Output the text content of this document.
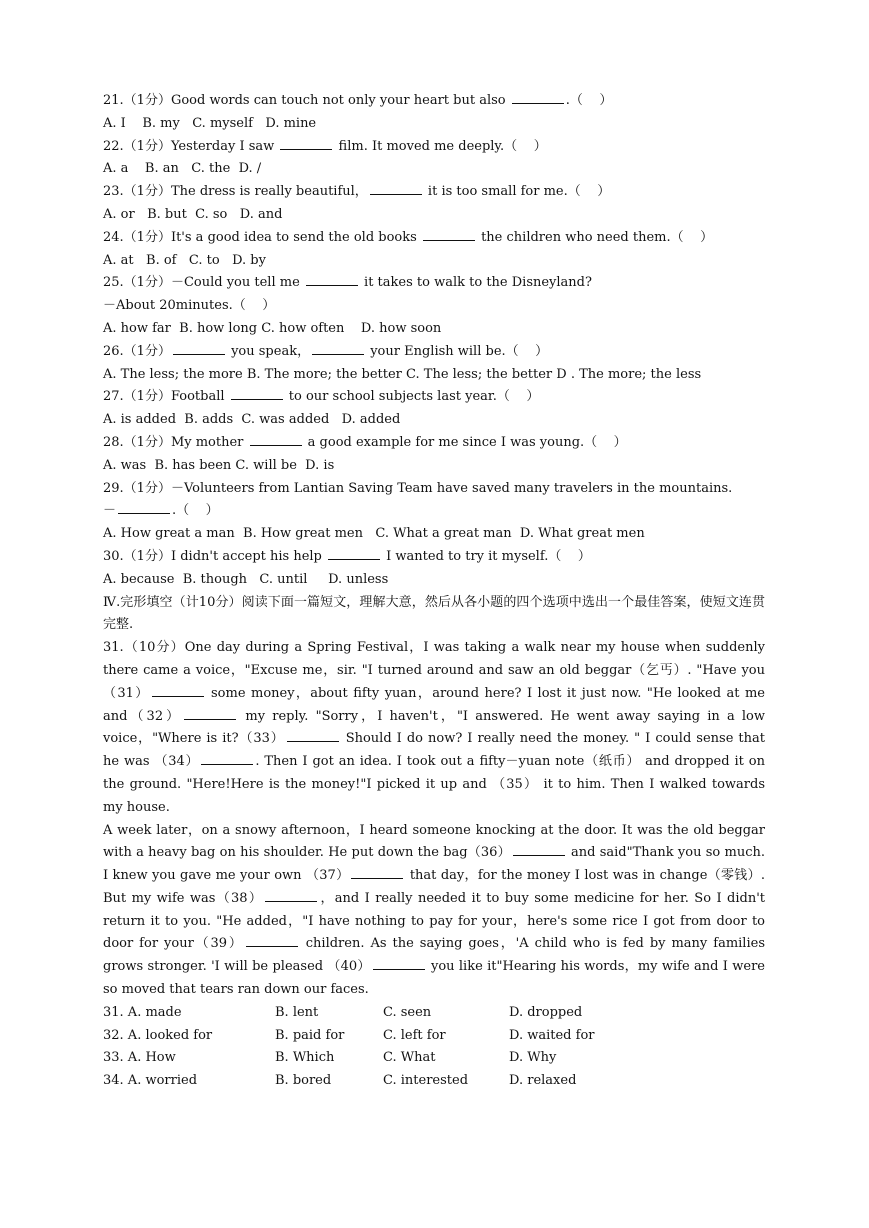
21.（1分）Good words can touch not only your heart but also	.（    ）
A. I    B. my   C. myself   D. mine
22.（1分）Yesterday I saw	film. It moved me deeply.（    ）
A. a    B. an   C. the  D. /
23.（1分）The dress is really beautiful，	it is too small for me.（    ）
A. or   B. but  C. so   D. and
24.（1分）It's a good idea to send the old books	the children who need them.（    ）
A. at   B. of   C. to   D. by
25.（1分）－Could you tell me	it takes to walk to the Disneyland?
－About 20minutes.（    ）
A. how far  B. how long C. how often    D. how soon
26.（1分）	you speak，	your English will be.（    ）
A. The less; the more B. The more; the better C. The less; the better D . The more; the less
27.（1分）Football	to our school subjects last year.（    ）
A. is added  B. adds  C. was added   D. added
28.（1分）My mother	a good example for me since I was young.（    ）
A. was  B. has been C. will be  D. is
29.（1分）－Volunteers from Lantian Saving Team have saved many travelers in the mountains.
－	.（    ）
A. How great a man  B. How great men   C. What a great man  D. What great men
30.（1分）I didn't accept his help	I wanted to try it myself.（    ）
A. because  B. though   C. until     D. unless
Ⅳ.完形填空（计10分）阅读下面一篇短文，理解大意，然后从各小题的四个选项中选出一个最佳答案，使短文连贯完整.
31.（10分）One day during a Spring Festival，I was taking a walk near my house when suddenly there came a voice，"Excuse me，sir. "I turned around and saw an old beggar（乞丐）. "Have you（31）	some money，about fifty yuan，around here? I lost it just now. "He looked at me and（32）	my reply. "Sorry，I haven't，"I answered. He went away saying in a low voice，"Where is it?（33）	Should I do now? I really need the money. " I could sense that he was （34）	. Then I got an idea. I took out a fifty－yuan note（纸币） and dropped it on the ground. "Here!Here is the money!"I picked it up and （35） it to him. Then I walked towards my house.
A week later，on a snowy afternoon，I heard someone knocking at the door. It was the old beggar with a heavy bag on his shoulder. He put down the bag（36）	and said"Thank you so much. I knew you gave me your own （37）	that day，for the money I lost was in change（零钱）. But my wife was（38）	，and I really needed it to buy some medicine for her. So I didn't return it to you. "He added，"I have nothing to pay for your，here's some rice I got from door to door for your（39）	children. As the saying goes，'A child who is fed by many families grows stronger. 'I will be pleased （40）	you like it"Hearing his words，my wife and I were so moved that tears ran down our faces.
31. A. made	B. lent	C. seen	D. dropped
32. A. looked for	B. paid for	C. left for	D. waited for
33. A. How	B. Which	C. What	D. Why
34. A. worried	B. bored	C. interested	D. relaxed
